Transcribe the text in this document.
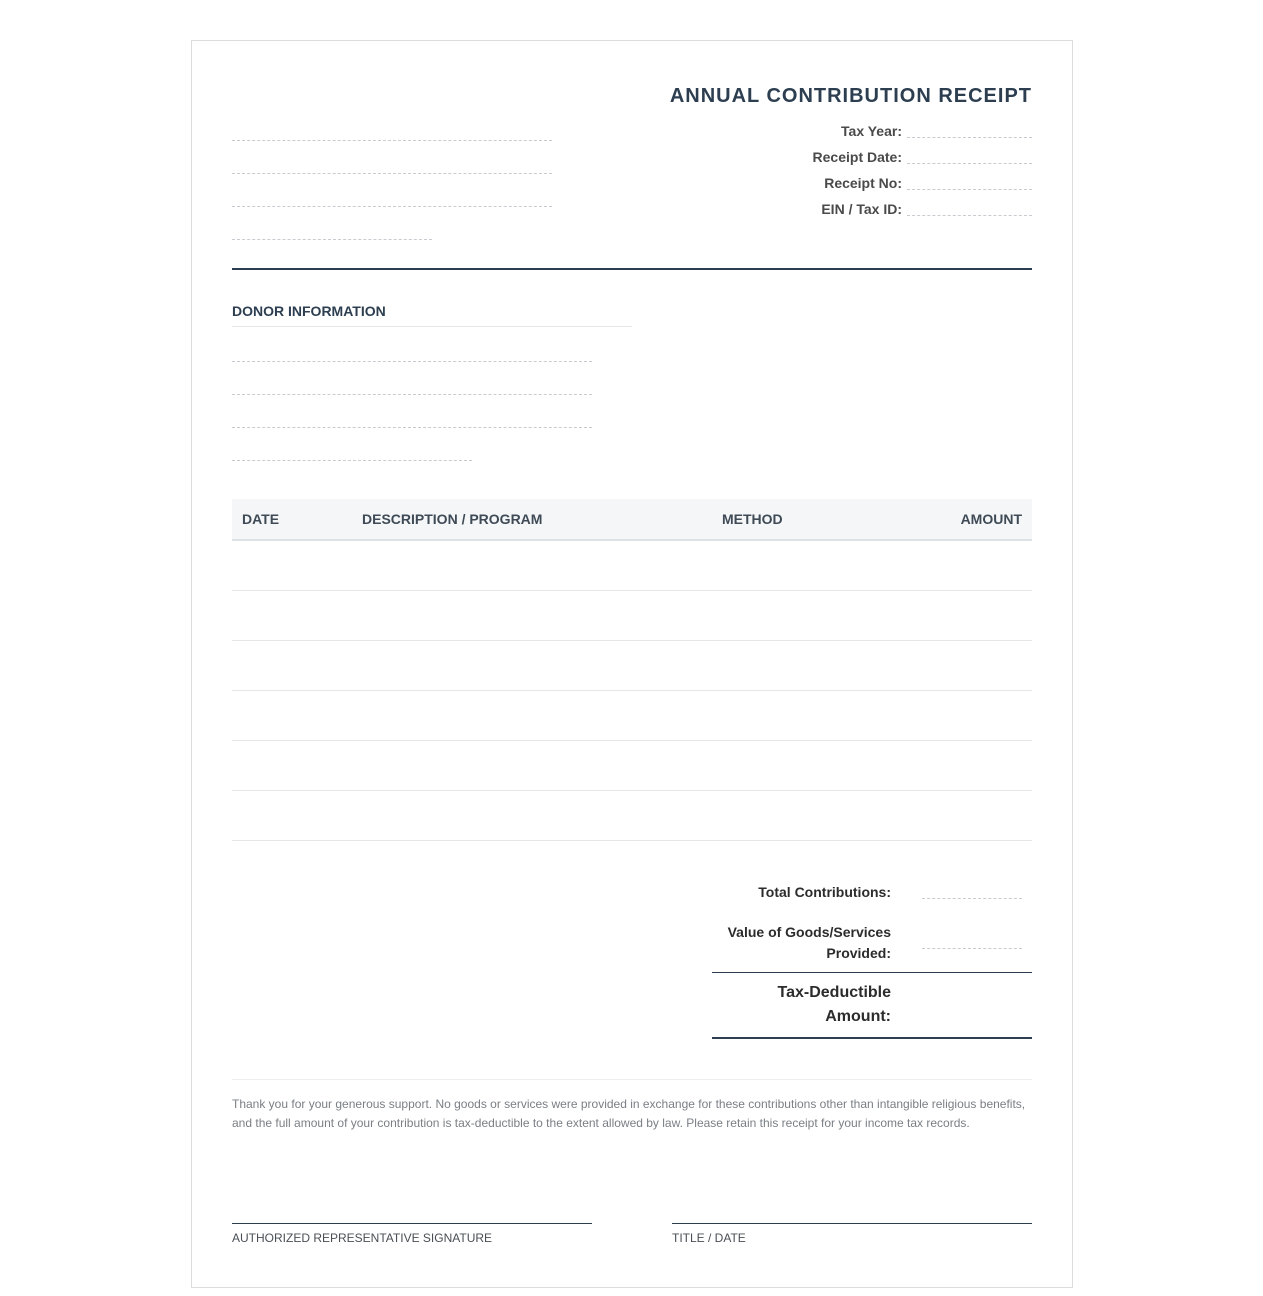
ANNUAL CONTRIBUTION RECEIPT
Tax Year:
Receipt Date:
Receipt No:
EIN / Tax ID:
DONOR INFORMATION
DATE	DESCRIPTION / PROGRAM	METHOD	AMOUNT
Total Contributions:
Value of Goods/Services
Provided:
Tax-Deductible
Amount:
Thank you for your generous support. No goods or services were provided in exchange for these contributions other than intangible religious benefits, and the full amount of your contribution is tax-deductible to the extent allowed by law. Please retain this receipt for your income tax records.
AUTHORIZED REPRESENTATIVE SIGNATURE	TITLE / DATE
